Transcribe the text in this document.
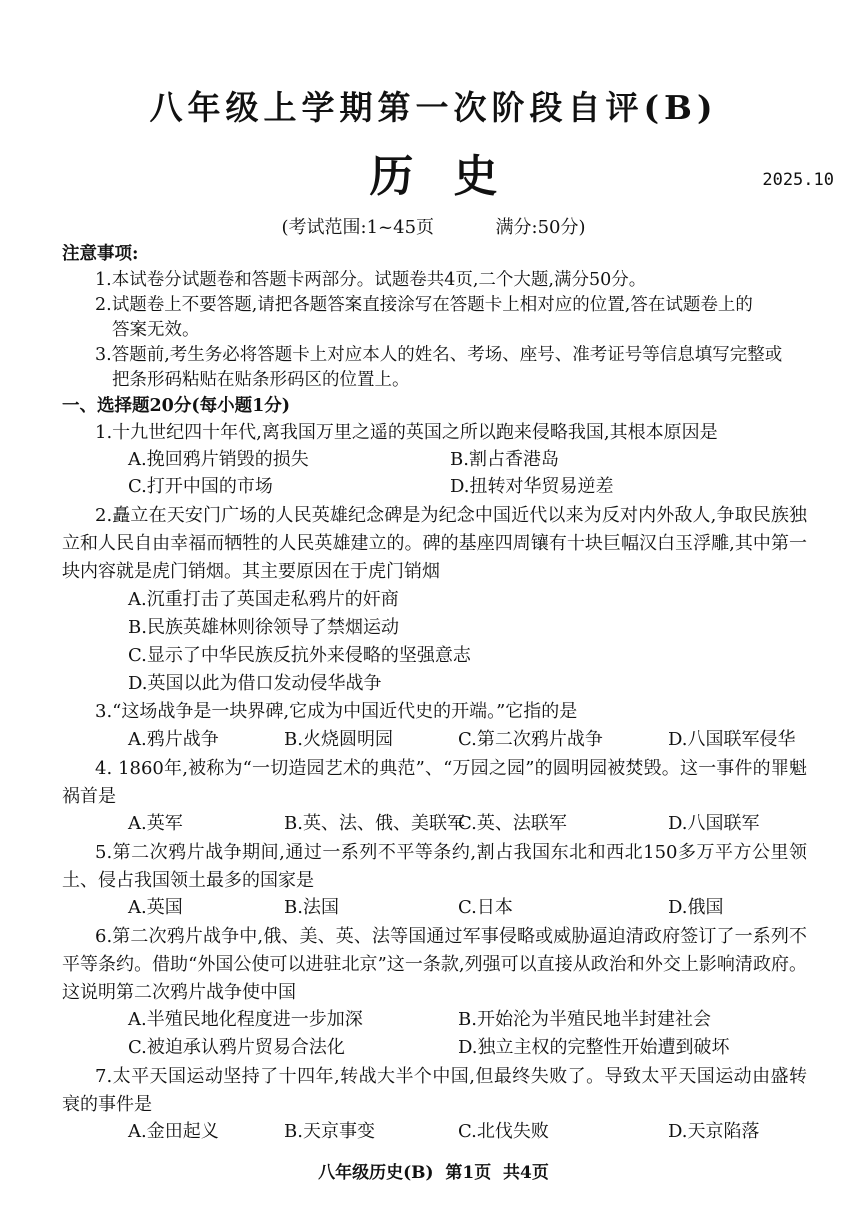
八年级上学期第一次阶段自评(B)
历史	2025.10
(考试范围:1~45页	满分:50分)
注意事项:
1.本试卷分试题卷和答题卡两部分。试题卷共4页,二个大题,满分50分。
2.试题卷上不要答题,请把各题答案直接涂写在答题卡上相对应的位置,答在试题卷上的
答案无效。
3.答题前,考生务必将答题卡上对应本人的姓名、考场、座号、准考证号等信息填写完整或
把条形码粘贴在贴条形码区的位置上。
一、选择题20分(每小题1分)
1.十九世纪四十年代,离我国万里之遥的英国之所以跑来侵略我国,其根本原因是
A.挽回鸦片销毁的损失	B.割占香港岛
C.打开中国的市场	D.扭转对华贸易逆差
2.矗立在天安门广场的人民英雄纪念碑是为纪念中国近代以来为反对内外敌人,争取民族独立和人民自由幸福而牺牲的人民英雄建立的。碑的基座四周镶有十块巨幅汉白玉浮雕,其中第一块内容就是虎门销烟。其主要原因在于虎门销烟
A.沉重打击了英国走私鸦片的奸商
B.民族英雄林则徐领导了禁烟运动
C.显示了中华民族反抗外来侵略的坚强意志
D.英国以此为借口发动侵华战争
3.“这场战争是一块界碑,它成为中国近代史的开端。”它指的是
A.鸦片战争	B.火烧圆明园	C.第二次鸦片战争	D.八国联军侵华
4. 1860年,被称为“一切造园艺术的典范”、“万园之园”的圆明园被焚毁。这一事件的罪魁祸首是
A.英军	B.英、法、俄、美联军
C.英、法联军	D.八国联军
5.第二次鸦片战争期间,通过一系列不平等条约,割占我国东北和西北150多万平方公里领土、侵占我国领土最多的国家是
A.英国	B.法国	C.日本	D.俄国
6.第二次鸦片战争中,俄、美、英、法等国通过军事侵略或威胁逼迫清政府签订了一系列不平等条约。借助“外国公使可以进驻北京”这一条款,列强可以直接从政治和外交上影响清政府。这说明第二次鸦片战争使中国
A.半殖民地化程度进一步加深	B.开始沦为半殖民地半封建社会
C.被迫承认鸦片贸易合法化	D.独立主权的完整性开始遭到破坏
7.太平天国运动坚持了十四年,转战大半个中国,但最终失败了。导致太平天国运动由盛转衰的事件是
A.金田起义	B.天京事变	C.北伐失败	D.天京陷落
八年级历史(B)  第1页  共4页
